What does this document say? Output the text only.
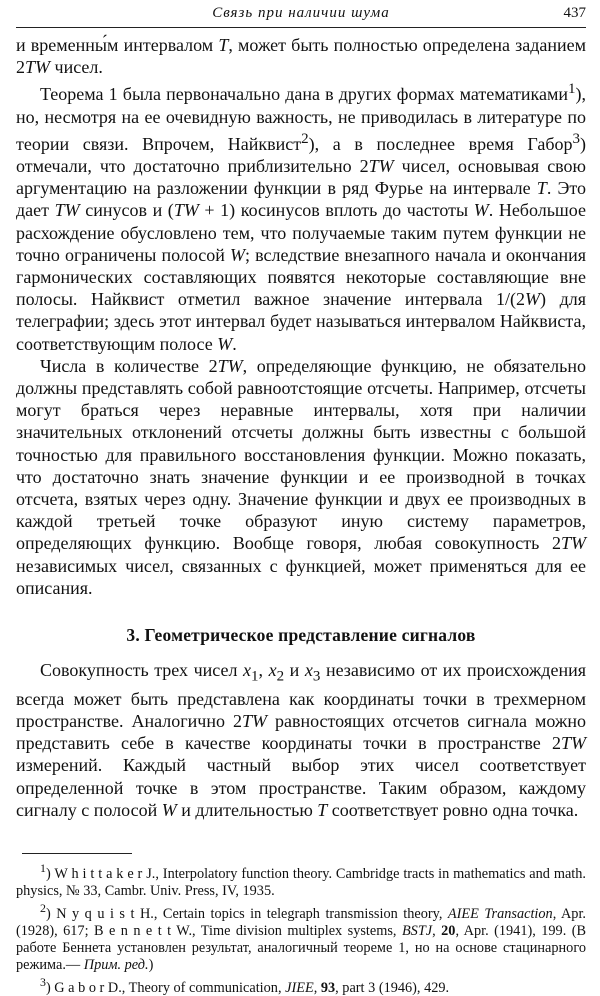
Связь при наличии шума	437

и временны́м интервалом T, может быть полностью определена заданием 2TW чисел.

Теорема 1 была первоначально дана в других формах математиками$^1$), но, несмотря на ее очевидную важность, не приводилась в литературе по теории связи. Впрочем, Найквист$^2$), а в последнее время Габор$^3$) отмечали, что достаточно приблизительно 2TW чисел, основывая свою аргументацию на разложении функции в ряд Фурье на интервале T. Это дает TW синусов и (TW + 1) косинусов вплоть до частоты W. Небольшое расхождение обусловлено тем, что получаемые таким путем функции не точно ограничены полосой W; вследствие внезапного начала и окончания гармонических составляющих появятся некоторые составляющие вне полосы. Найквист отметил важное значение интервала 1/(2W) для телеграфии; здесь этот интервал будет называться интервалом Найквиста, соответствующим полосе W.

Числа в количестве 2TW, определяющие функцию, не обязательно должны представлять собой равноотстоящие отсчеты. Например, отсчеты могут браться через неравные интервалы, хотя при наличии значительных отклонений отсчеты должны быть известны с большой точностью для правильного восстановления функции. Можно показать, что достаточно знать значение функции и ее производной в точках отсчета, взятых через одну. Значение функции и двух ее производных в каждой третьей точке образуют иную систему параметров, определяющих функцию. Вообще говоря, любая совокупность 2TW независимых чисел, связанных с функцией, может применяться для ее описания.

3. Геометрическое представление сигналов

Совокупность трех чисел $x_1$, $x_2$ и $x_3$ независимо от их происхождения всегда может быть представлена как координаты точки в трехмерном пространстве. Аналогично 2TW равностоящих отсчетов сигнала можно представить себе в качестве координаты точки в пространстве 2TW измерений. Каждый частный выбор этих чисел соответствует определенной точке в этом пространстве. Таким образом, каждому сигналу с полосой W и длительностью T соответствует ровно одна точка.

$^1$) W h i t t a k e r J., Interpolatory function theory. Cambridge tracts in mathematics and math. physics, № 33, Cambr. Univ. Press, IV, 1935.

$^2$) N y q u i s t H., Certain topics in telegraph transmission theory, AIEE Transaction, Apr. (1928), 617; B e n n e t t W., Time division multiplex systems, BSTJ, 20, Apr. (1941), 199. (В работе Беннета установлен результат, аналогичный теореме 1, но на основе стацинарного режима.— Прим. ред.)

$^3$) G a b o r D., Theory of communication, JIEE, 93, part 3 (1946), 429.
